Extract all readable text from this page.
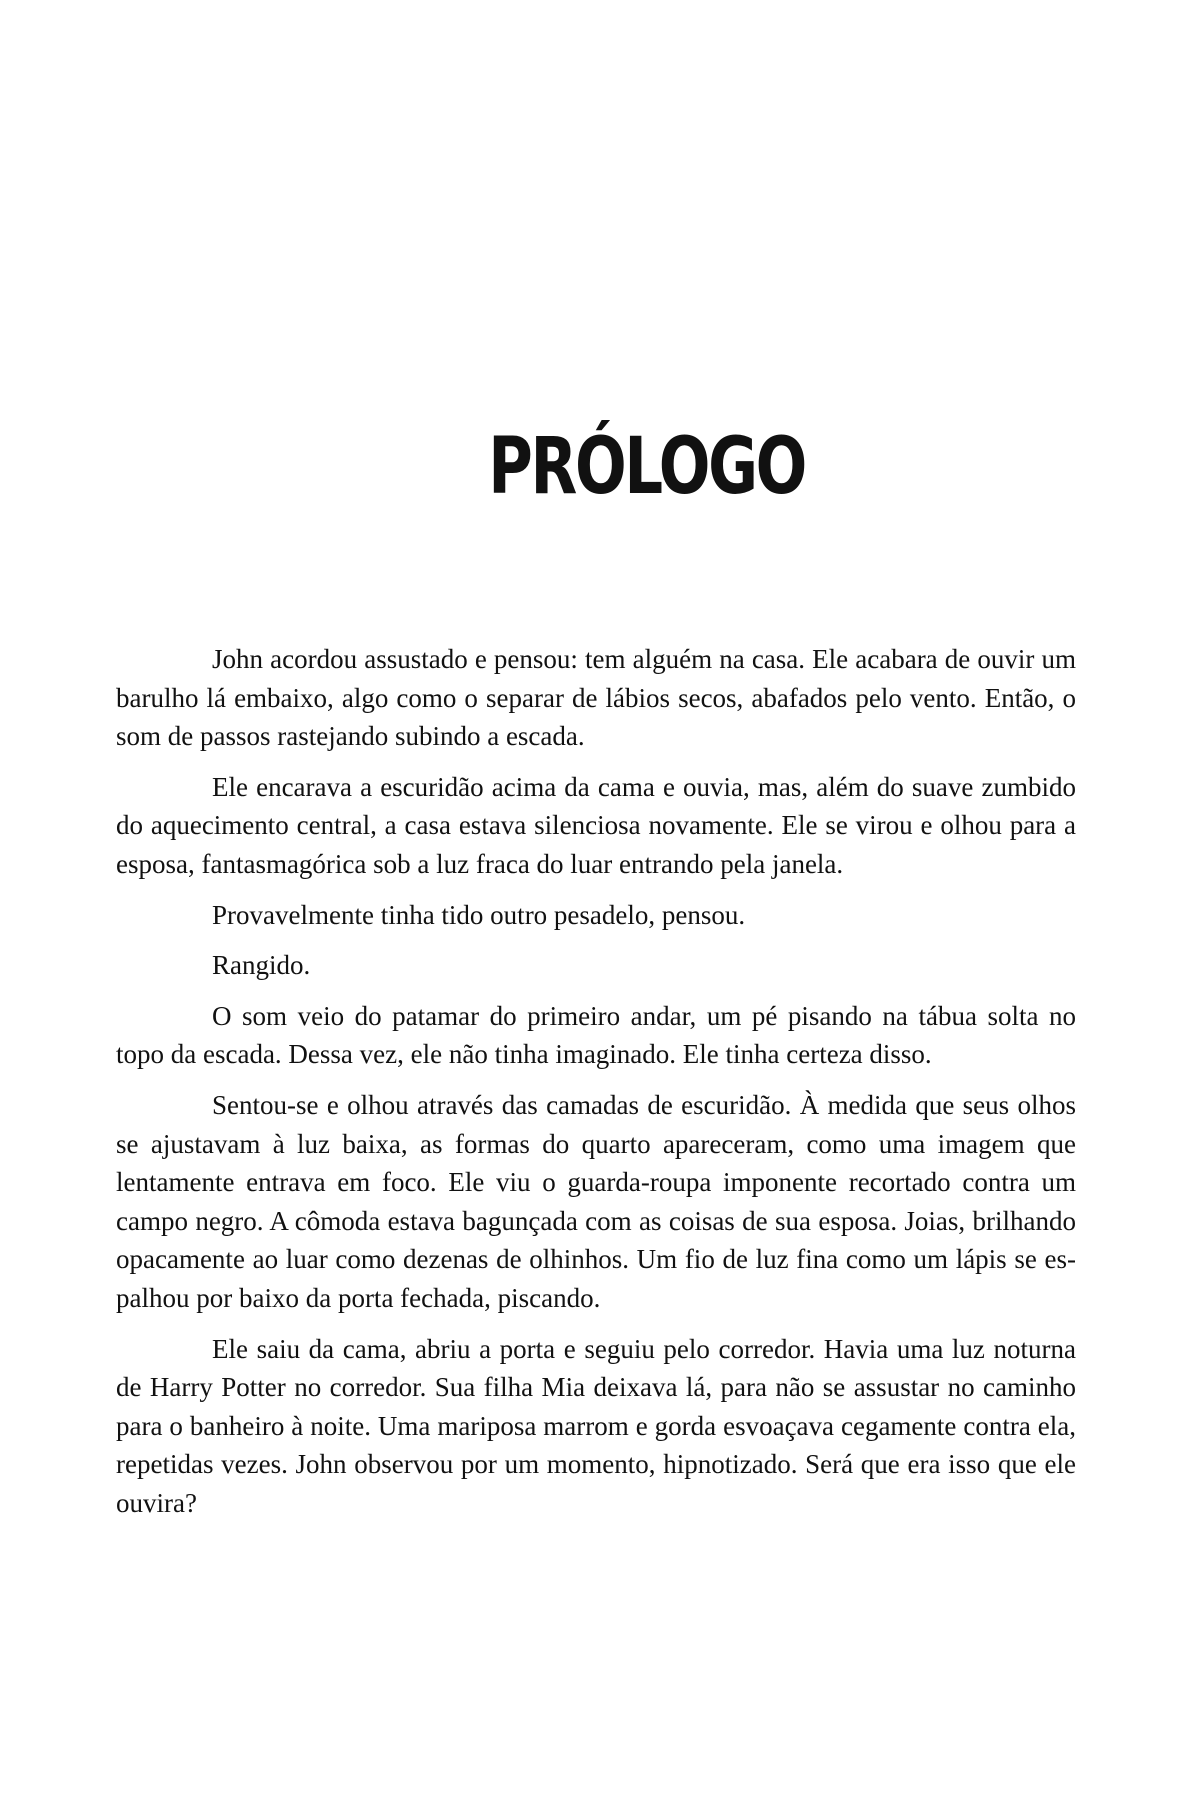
PRÓLOGO

John acordou assustado e pensou: tem alguém na casa. Ele acabara de ouvir um barulho lá embaixo, algo como o separar de lábios secos, abafados pelo vento. Então, o som de passos rastejando subindo a escada.

Ele encarava a escuridão acima da cama e ouvia, mas, além do suave zumbido do aquecimento central, a casa estava silenciosa novamente. Ele se virou e olhou para a esposa, fantasmagórica sob a luz fraca do luar entrando pela janela.

Provavelmente tinha tido outro pesadelo, pensou.

Rangido.

O som veio do patamar do primeiro andar, um pé pisando na tábua solta no topo da escada. Dessa vez, ele não tinha imaginado. Ele tinha certeza disso.

Sentou-se e olhou através das camadas de escuridão. À medida que seus olhos se ajustavam à luz baixa, as formas do quarto apareceram, como uma imagem que lentamente entrava em foco. Ele viu o guarda-roupa imponente recortado contra um campo negro. A cômoda estava bagunçada com as coisas de sua esposa. Joias, brilhando opacamente ao luar como dezenas de olhinhos. Um fio de luz fina como um lápis se espalhou por baixo da porta fechada, piscando.

Ele saiu da cama, abriu a porta e seguiu pelo corredor. Havia uma luz noturna de Harry Potter no corredor. Sua filha Mia deixava lá, para não se assustar no caminho para o banheiro à noite. Uma mariposa marrom e gorda esvoaçava cegamente contra ela, repetidas vezes. John observou por um momento, hipnotizado. Será que era isso que ele ouvira?
